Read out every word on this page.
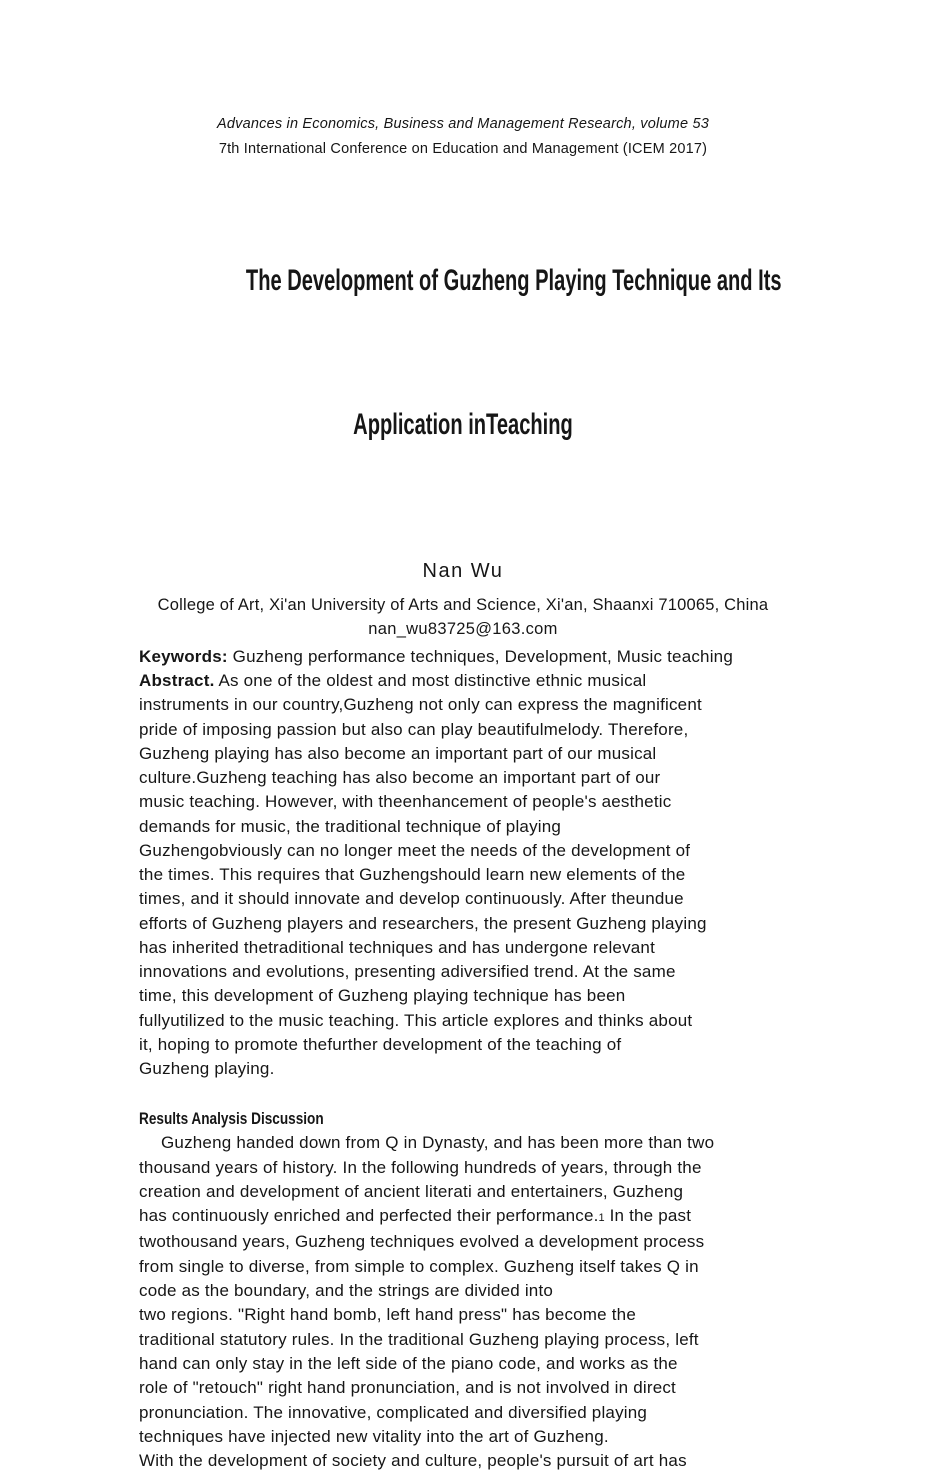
Advances in Economics, Business and Management Research, volume 53
7th International Conference on Education and Management (ICEM 2017)

The Development of Guzheng Playing Technique and Its

Application inTeaching

Nan Wu
College of Art, Xi'an University of Arts and Science, Xi'an, Shaanxi 710065, China
nan_wu83725@163.com
Keywords: Guzheng performance techniques, Development, Music teaching
Abstract. As one of the oldest and most distinctive ethnic musical
instruments in our country,Guzheng not only can express the magnificent
pride of imposing passion but also can play beautifulmelody. Therefore,
Guzheng playing has also become an important part of our musical
culture.Guzheng teaching has also become an important part of our
music teaching. However, with theenhancement of people's aesthetic
demands for music, the traditional technique of playing
Guzhengobviously can no longer meet the needs of the development of
the times. This requires that Guzhengshould learn new elements of the
times, and it should innovate and develop continuously. After theundue
efforts of Guzheng players and researchers, the present Guzheng playing
has inherited thetraditional techniques and has undergone relevant
innovations and evolutions, presenting adiversified trend. At the same
time, this development of Guzheng playing technique has been
fullyutilized to the music teaching. This article explores and thinks about
it, hoping to promote thefurther development of the teaching of
Guzheng playing.
Results Analysis Discussion
Guzheng handed down from Q in Dynasty, and has been more than two
thousand years of history. In the following hundreds of years, through the
creation and development of ancient literati and entertainers, Guzheng
has continuously enriched and perfected their performance.1 In the past
twothousand years, Guzheng techniques evolved a development process
from single to diverse, from simple to complex. Guzheng itself takes Q in
code as the boundary, and the strings are divided into
two regions. "Right hand bomb, left hand press" has become the
traditional statutory rules. In the traditional Guzheng playing process, left
hand can only stay in the left side of the piano code, and works as the
role of "retouch" right hand pronunciation, and is not involved in direct
pronunciation. The innovative, complicated and diversified playing
techniques have injected new vitality into the art of Guzheng.
With the development of society and culture, people's pursuit of art has
